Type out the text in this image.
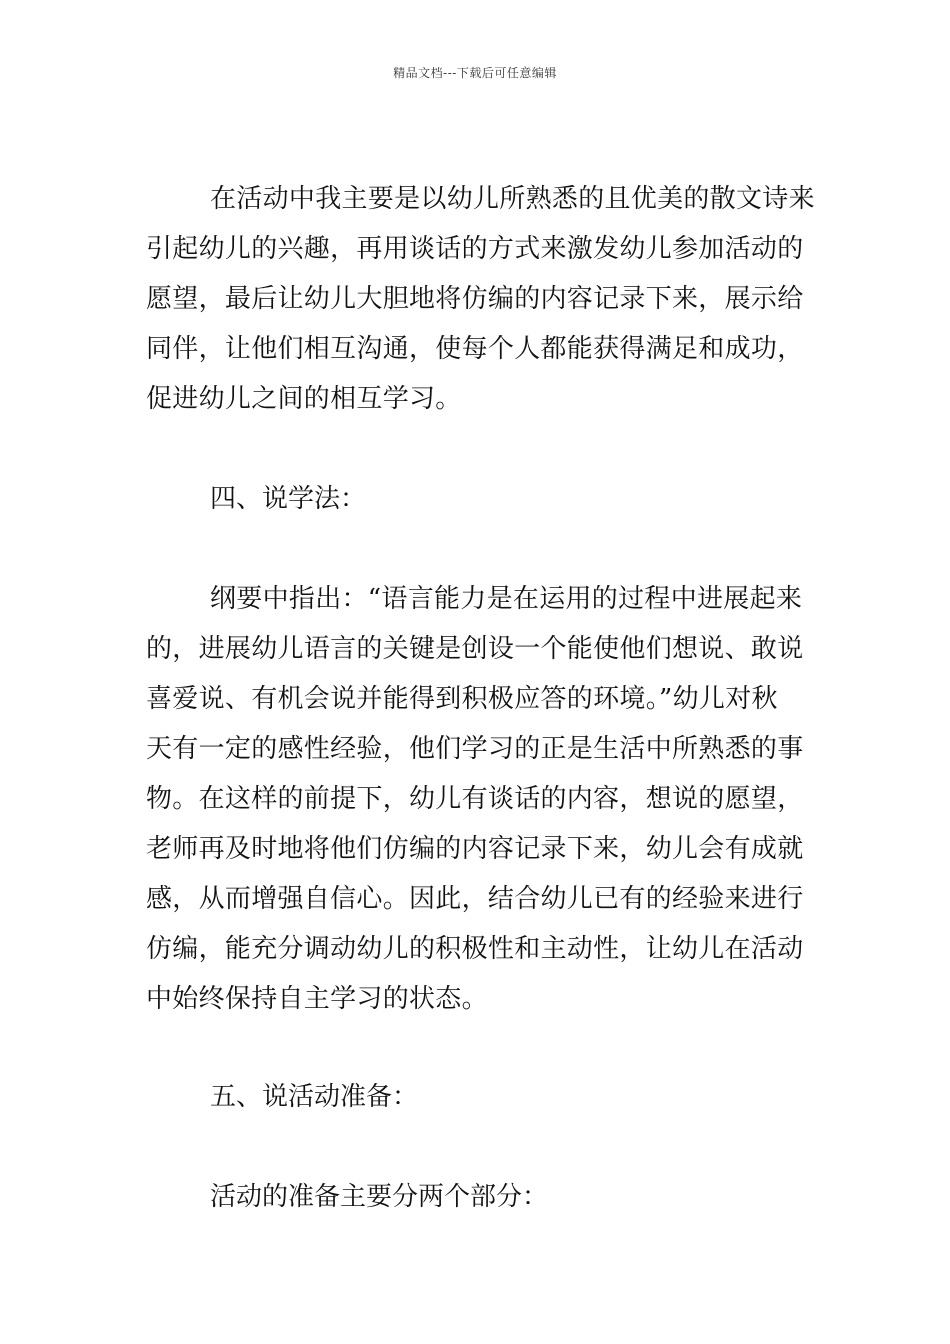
精品文档---下载后可任意编辑
在活动中我主要是以幼儿所熟悉的且优美的散文诗来
引起幼儿的兴趣，再用谈话的方式来激发幼儿参加活动的
愿望，最后让幼儿大胆地将仿编的内容记录下来，展示给
同伴，让他们相互沟通，使每个人都能获得满足和成功，
促进幼儿之间的相互学习。
四、说学法：
纲要中指出：“语言能力是在运用的过程中进展起来
的，进展幼儿语言的关键是创设一个能使他们想说、敢说
喜爱说、有机会说并能得到积极应答的环境。”幼儿对秋
天有一定的感性经验，他们学习的正是生活中所熟悉的事
物。在这样的前提下，幼儿有谈话的内容，想说的愿望，
老师再及时地将他们仿编的内容记录下来，幼儿会有成就
感，从而增强自信心。因此，结合幼儿已有的经验来进行
仿编，能充分调动幼儿的积极性和主动性，让幼儿在活动
中始终保持自主学习的状态。
五、说活动准备：
活动的准备主要分两个部分：
